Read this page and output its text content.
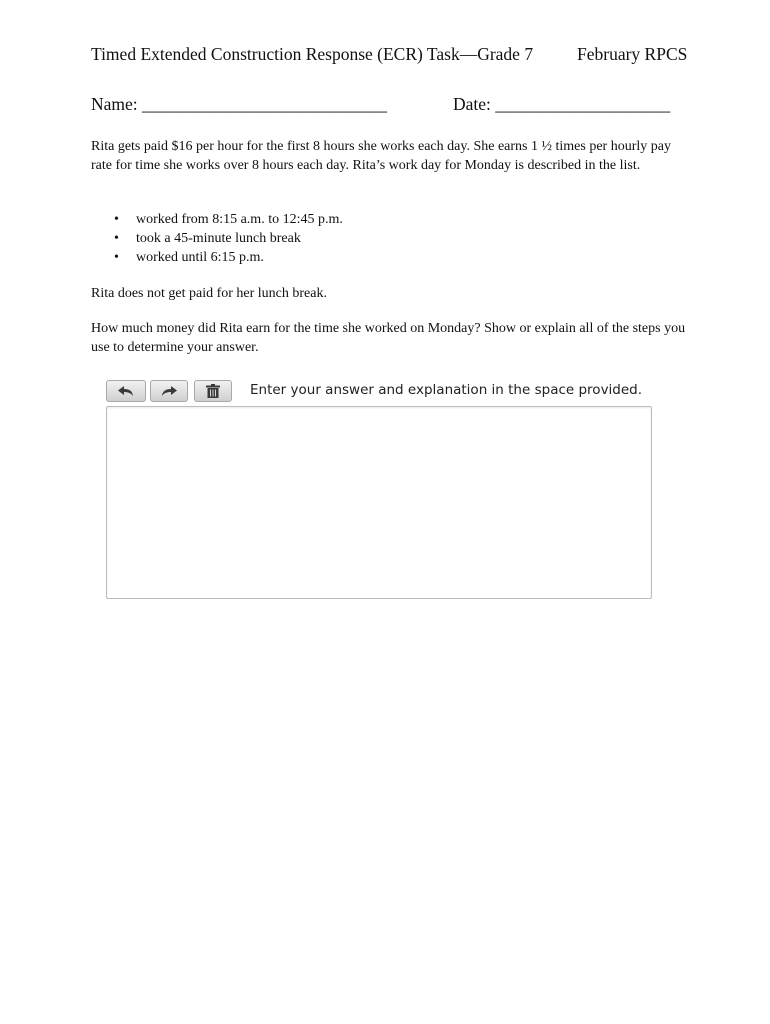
Timed Extended Construction Response (ECR) Task—Grade 7	February RPCS
Name: ____________________________	Date: ____________________
Rita gets paid $16 per hour for the first 8 hours she works each day. She earns 1 ½ times per hourly pay rate for time she works over 8 hours each day. Rita’s work day for Monday is described in the list.
• worked from 8:15 a.m. to 12:45 p.m.
• took a 45-minute lunch break
• worked until 6:15 p.m.
Rita does not get paid for her lunch break.
How much money did Rita earn for the time she worked on Monday? Show or explain all of the steps you use to determine your answer.
Enter your answer and explanation in the space provided.
